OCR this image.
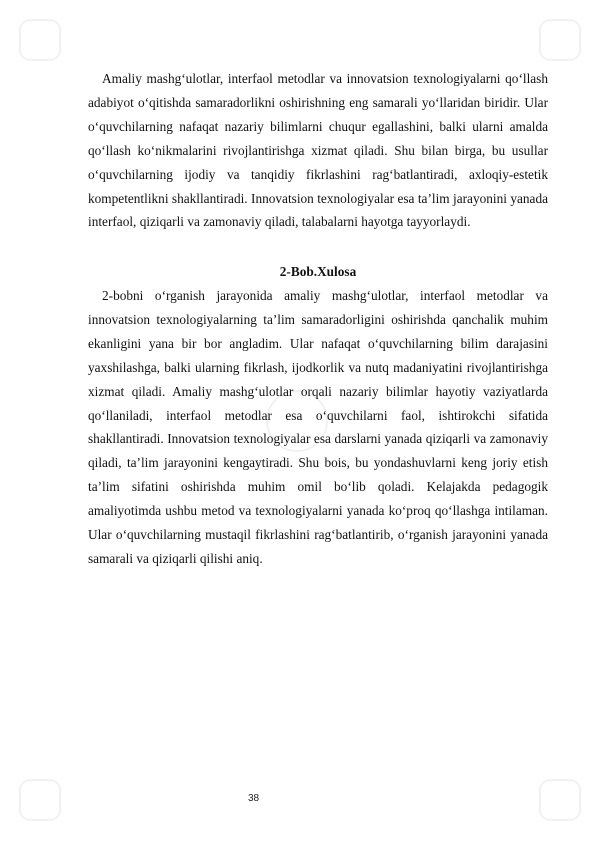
Amaliy mashg‘ulotlar, interfaol metodlar va innovatsion texnologiyalarni qo‘llash adabiyot o‘qitishda samaradorlikni oshirishning eng samarali yo‘llaridan biridir. Ular o‘quvchilarning nafaqat nazariy bilimlarni chuqur egallashini, balki ularni amalda qo‘llash ko‘nikmalarini rivojlantirishga xizmat qiladi. Shu bilan birga, bu usullar o‘quvchilarning ijodiy va tanqidiy fikrlashini rag‘batlantiradi, axloqiy-estetik kompetentlikni shakllantiradi. Innovatsion texnologiyalar esa ta’lim jarayonini yanada interfaol, qiziqarli va zamonaviy qiladi, talabalarni hayotga tayyorlaydi.

2-Bob.Xulosa

2-bobni o‘rganish jarayonida amaliy mashg‘ulotlar, interfaol metodlar va innovatsion texnologiyalarning ta’lim samaradorligini oshirishda qanchalik muhim ekanligini yana bir bor angladim. Ular nafaqat o‘quvchilarning bilim darajasini yaxshilashga, balki ularning fikrlash, ijodkorlik va nutq madaniyatini rivojlantirishga xizmat qiladi. Amaliy mashg‘ulotlar orqali nazariy bilimlar hayotiy vaziyatlarda qo‘llaniladi, interfaol metodlar esa o‘quvchilarni faol, ishtirokchi sifatida shakllantiradi. Innovatsion texnologiyalar esa darslarni yanada qiziqarli va zamonaviy qiladi, ta’lim jarayonini kengaytiradi. Shu bois, bu yondashuvlarni keng joriy etish ta’lim sifatini oshirishda muhim omil bo‘lib qoladi. Kelajakda pedagogik amaliyotimda ushbu metod va texnologiyalarni yanada ko‘proq qo‘llashga intilaman. Ular o‘quvchilarning mustaqil fikrlashini rag‘batlantirib, o‘rganish jarayonini yanada samarali va qiziqarli qilishi aniq.

38
